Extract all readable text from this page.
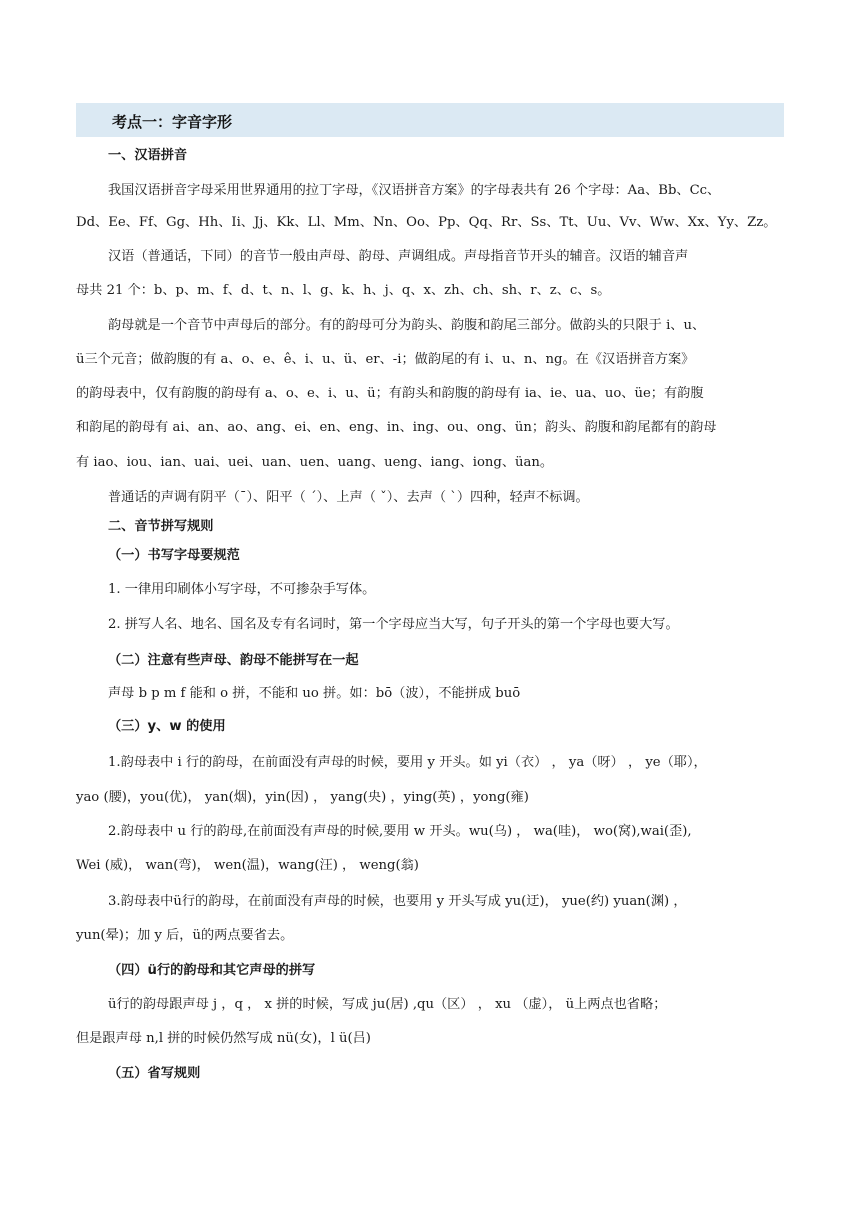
考点一：字音字形
一、汉语拼音
我国汉语拼音字母采用世界通用的拉丁字母，《汉语拼音方案》的字母表共有 26 个字母：Aa、Bb、Cc、
Dd、Ee、Ff、Gg、Hh、Ii、Jj、Kk、Ll、Mm、Nn、Oo、Pp、Qq、Rr、Ss、Tt、Uu、Vv、Ww、Xx、Yy、Zz。
汉语（普通话，下同）的音节一般由声母、韵母、声调组成。声母指音节开头的辅音。汉语的辅音声
母共 21 个：b、p、m、f、d、t、n、l、g、k、h、j、q、x、zh、ch、sh、r、z、c、s。
韵母就是一个音节中声母后的部分。有的韵母可分为韵头、韵腹和韵尾三部分。做韵头的只限于 i、u、
ü三个元音；做韵腹的有 a、o、e、ê、i、u、ü、er、-i；做韵尾的有 i、u、n、ng。在《汉语拼音方案》
的韵母表中，仅有韵腹的韵母有 a、o、e、i、u、ü；有韵头和韵腹的韵母有 ia、ie、ua、uo、üe；有韵腹
和韵尾的韵母有 ai、an、ao、ang、ei、en、eng、in、ing、ou、ong、ün；韵头、韵腹和韵尾都有的韵母
有 iao、iou、ian、uai、uei、uan、uen、uang、ueng、iang、iong、üan。
普通话的声调有阴平（ˉ）、阳平（ ˊ）、上声（ ˇ）、去声（ ˋ）四种，轻声不标调。
二、音节拼写规则
（一）书写字母要规范
1. 一律用印刷体小写字母，不可掺杂手写体。
2. 拼写人名、地名、国名及专有名词时，第一个字母应当大写，句子开头的第一个字母也要大写。
（二）注意有些声母、韵母不能拼写在一起
声母 b p m f 能和 o 拼，不能和 uo 拼。如：bō（波），不能拼成 buō
（三）y、w 的使用
1.韵母表中 i 行的韵母，在前面没有声母的时候，要用 y 开头。如 yi（衣） ， ya（呀） ， ye（耶），
yao (腰)，you(优)， yan(烟)，yin(因) ， yang(央) ，ying(英) ，yong(雍)
2.韵母表中 u 行的韵母,在前面没有声母的时候,要用 w 开头。wu(乌) ， wa(哇)， wo(窝),wai(歪),
Wei (威)， wan(弯)， wen(温)，wang(汪) ， weng(翁)
3.韵母表中ü行的韵母，在前面没有声母的时候，也要用 y 开头写成 yu(迂)， yue(约) yuan(渊) ，
yun(晕)；加 y 后，ü的两点要省去。
（四）ü行的韵母和其它声母的拼写
ü行的韵母跟声母 j ，q ， x 拼的时候，写成 ju(居) ,qu（区） ， xu （虚）， ü上两点也省略；
但是跟声母 n,l 拼的时候仍然写成 nü(女)，l ü(吕)
（五）省写规则
